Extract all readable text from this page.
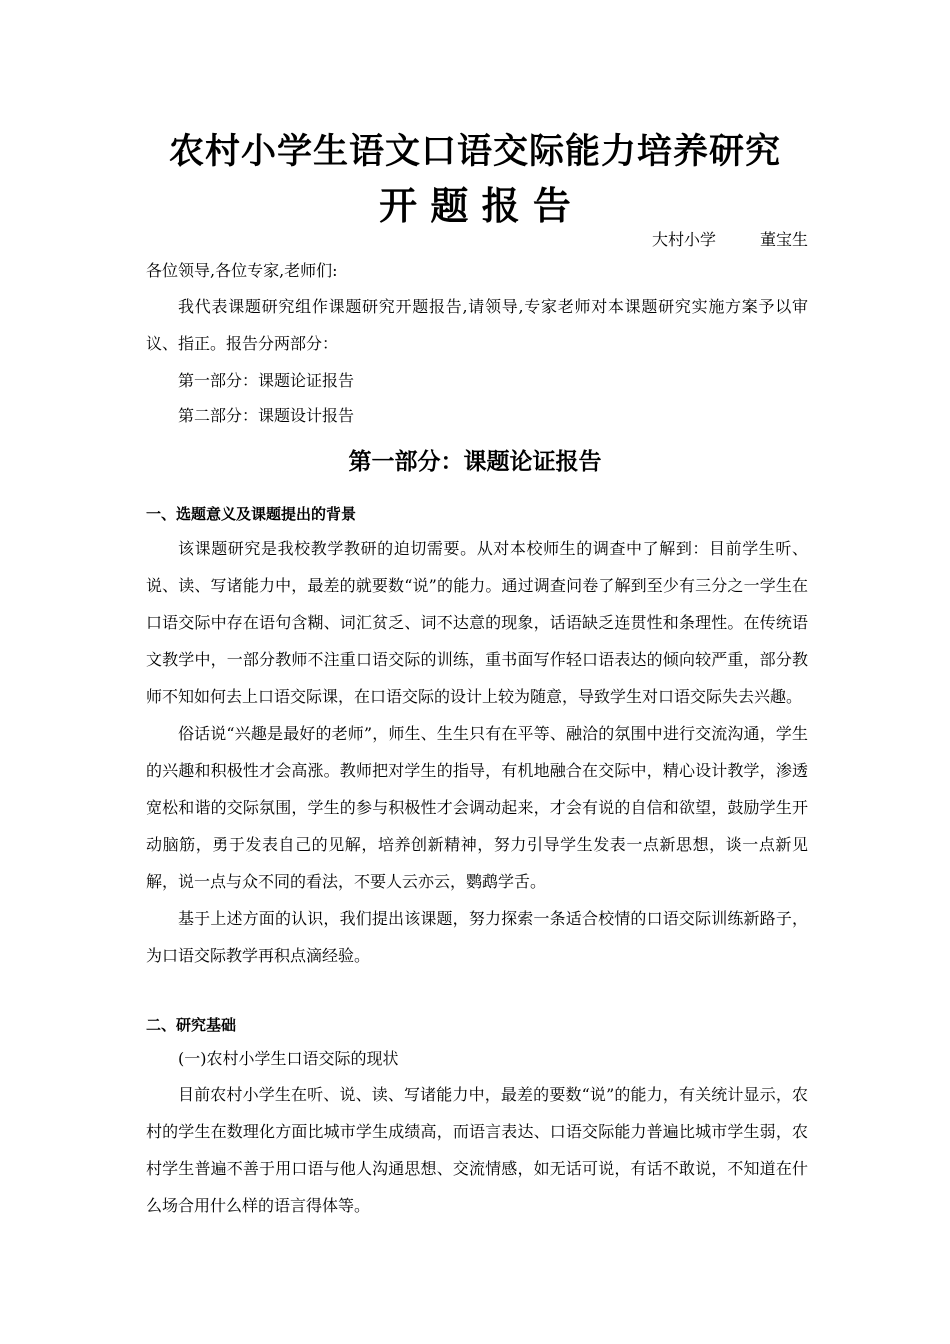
农村小学生语文口语交际能力培养研究
开 题 报 告
大村小学	董宝生
各位领导,各位专家,老师们:

我代表课题研究组作课题研究开题报告,请领导,专家老师对本课题研究实施方案予以审议、指正。报告分两部分：

第一部分：课题论证报告
第二部分：课题设计报告
第一部分：课题论证报告
一、选题意义及课题提出的背景

该课题研究是我校教学教研的迫切需要。从对本校师生的调查中了解到：目前学生听、说、读、写诸能力中，最差的就要数“说”的能力。通过调查问卷了解到至少有三分之一学生在口语交际中存在语句含糊、词汇贫乏、词不达意的现象，话语缺乏连贯性和条理性。在传统语文教学中，一部分教师不注重口语交际的训练，重书面写作轻口语表达的倾向较严重，部分教师不知如何去上口语交际课，在口语交际的设计上较为随意，导致学生对口语交际失去兴趣。

俗话说“兴趣是最好的老师”，师生、生生只有在平等、融洽的氛围中进行交流沟通，学生的兴趣和积极性才会高涨。教师把对学生的指导，有机地融合在交际中，精心设计教学，渗透宽松和谐的交际氛围，学生的参与积极性才会调动起来，才会有说的自信和欲望，鼓励学生开动脑筋，勇于发表自己的见解，培养创新精神，努力引导学生发表一点新思想，谈一点新见解，说一点与众不同的看法，不要人云亦云，鹦鹉学舌。

基于上述方面的认识，我们提出该课题，努力探索一条适合校情的口语交际训练新路子，为口语交际教学再积点滴经验。

二、研究基础
(一)农村小学生口语交际的现状

目前农村小学生在听、说、读、写诸能力中，最差的要数“说”的能力，有关统计显示，农村的学生在数理化方面比城市学生成绩高，而语言表达、口语交际能力普遍比城市学生弱，农村学生普遍不善于用口语与他人沟通思想、交流情感，如无话可说，有话不敢说，不知道在什么场合用什么样的语言得体等。
